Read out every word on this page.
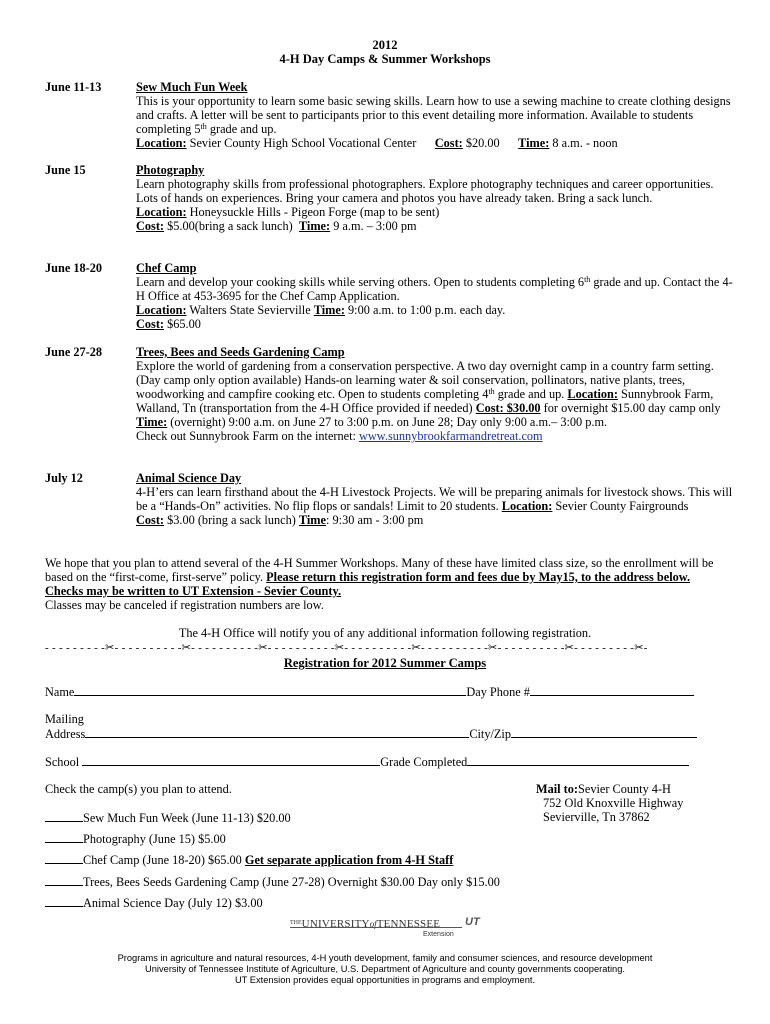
2012
4-H Day Camps & Summer Workshops
June 11-13	Sew Much Fun Week
This is your opportunity to learn some basic sewing skills. Learn how to use a sewing machine to create clothing designs and crafts. A letter will be sent to participants prior to this event detailing more information. Available to students completing 5th grade and up.
Location: Sevier County High School Vocational Center Cost: $20.00 Time: 8 a.m. - noon
June 15	Photography
Learn photography skills from professional photographers. Explore photography techniques and career opportunities. Lots of hands on experiences. Bring your camera and photos you have already taken. Bring a sack lunch.
Location: Honeysuckle Hills - Pigeon Forge (map to be sent)
Cost: $5.00(bring a sack lunch) Time: 9 a.m. – 3:00 pm
June 18-20	Chef Camp
Learn and develop your cooking skills while serving others. Open to students completing 6th grade and up. Contact the 4-H Office at 453-3695 for the Chef Camp Application.
Location: Walters State Sevierville Time: 9:00 a.m. to 1:00 p.m. each day.
Cost: $65.00
June 27-28	Trees, Bees and Seeds Gardening Camp
Explore the world of gardening from a conservation perspective. A two day overnight camp in a country farm setting. (Day camp only option available) Hands-on learning water & soil conservation, pollinators, native plants, trees, woodworking and campfire cooking etc. Open to students completing 4th grade and up. Location: Sunnybrook Farm, Walland, Tn (transportation from the 4-H Office provided if needed) Cost: $30.00 for overnight $15.00 day camp only
Time: (overnight) 9:00 a.m. on June 27 to 3:00 p.m. on June 28; Day only 9:00 a.m.– 3:00 p.m.
Check out Sunnybrook Farm on the internet: www.sunnybrookfarmandretreat.com
July 12	Animal Science Day
4-H’ers can learn firsthand about the 4-H Livestock Projects. We will be preparing animals for livestock shows. This will be a “Hands-On” activities. No flip flops or sandals! Limit to 20 students. Location: Sevier County Fairgrounds
Cost: $3.00 (bring a sack lunch) Time: 9:30 am - 3:00 pm
We hope that you plan to attend several of the 4-H Summer Workshops. Many of these have limited class size, so the enrollment will be based on the “first-come, first-serve” policy. Please return this registration form and fees due by May15, to the address below. Checks may be written to UT Extension - Sevier County.
Classes may be canceled if registration numbers are low.
The 4-H Office will notify you of any additional information following registration.
- - - - - - - - -✂- - - - - - - - - -✂- - - - - - - - - -✂- - - - - - - - - -✂- - - - - - - - - -✂- - - - - - - - - -✂- - - - - - - - - -✂- - - - - - - - -✂-
Registration for 2012 Summer Camps
Name	Day Phone #
Mailing
Address	City/Zip
School	Grade Completed
Check the camp(s) you plan to attend.	Mail to:Sevier County 4-H
752 Old Knoxville Highway
Sevierville, Tn 37862
Sew Much Fun Week (June 11-13) $20.00
Photography (June 15) $5.00
Chef Camp (June 18-20) $65.00 Get separate application from 4-H Staff
Trees, Bees Seeds Gardening Camp (June 27-28) Overnight $30.00 Day only $15.00
Animal Science Day (July 12) $3.00
$^{THE}$UNIVERSITYofTENNESSEE
Extension
UT
Programs in agriculture and natural resources, 4-H youth development, family and consumer sciences, and resource development
University of Tennessee Institute of Agriculture, U.S. Department of Agriculture and county governments cooperating.
UT Extension provides equal opportunities in programs and employment.
